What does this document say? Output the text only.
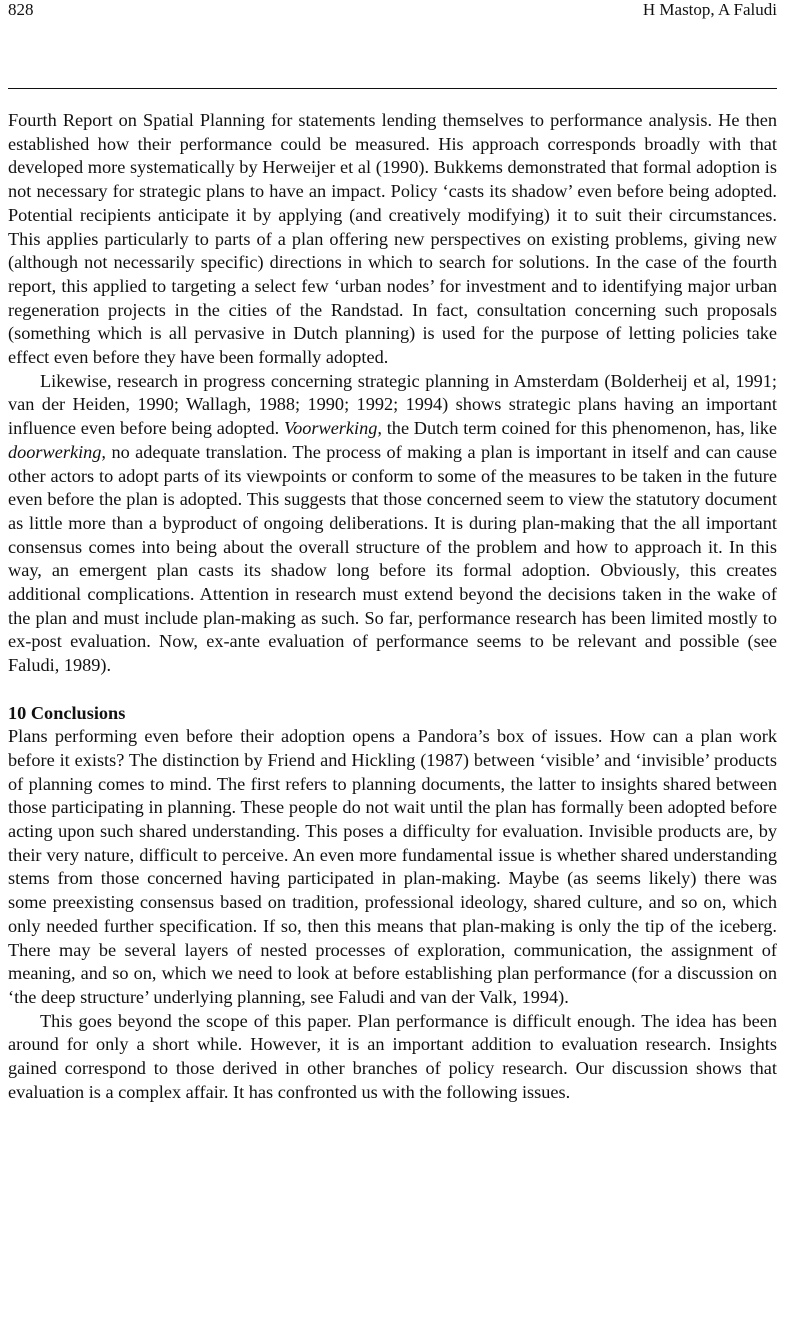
828	H Mastop, A Faludi

Fourth Report on Spatial Planning for statements lending themselves to performance analysis. He then established how their performance could be measured. His approach corresponds broadly with that developed more systematically by Herweijer et al (1990). Bukkems demonstrated that formal adoption is not necessary for strategic plans to have an impact. Policy ‘casts its shadow’ even before being adopted. Potential recipients anticipate it by applying (and creatively modifying) it to suit their circumstances. This applies particularly to parts of a plan offering new perspectives on existing problems, giving new (although not necessarily specific) directions in which to search for solutions. In the case of the fourth report, this applied to targeting a select few ‘urban nodes’ for investment and to identifying major urban regeneration projects in the cities of the Randstad. In fact, consultation concerning such proposals (something which is all pervasive in Dutch planning) is used for the purpose of letting policies take effect even before they have been formally adopted.

Likewise, research in progress concerning strategic planning in Amsterdam (Bolderheij et al, 1991; van der Heiden, 1990; Wallagh, 1988; 1990; 1992; 1994) shows strategic plans having an important influence even before being adopted. Voorwerking, the Dutch term coined for this phenomenon, has, like doorwerking, no adequate translation. The process of making a plan is important in itself and can cause other actors to adopt parts of its viewpoints or conform to some of the measures to be taken in the future even before the plan is adopted. This suggests that those concerned seem to view the statutory document as little more than a byproduct of ongoing deliberations. It is during plan-making that the all important consensus comes into being about the overall structure of the problem and how to approach it. In this way, an emergent plan casts its shadow long before its formal adoption. Obviously, this creates additional complications. Attention in research must extend beyond the decisions taken in the wake of the plan and must include plan-making as such. So far, performance research has been limited mostly to ex-post evaluation. Now, ex-ante evaluation of performance seems to be relevant and possible (see Faludi, 1989).

10 Conclusions

Plans performing even before their adoption opens a Pandora’s box of issues. How can a plan work before it exists? The distinction by Friend and Hickling (1987) between ‘visible’ and ‘invisible’ products of planning comes to mind. The first refers to planning documents, the latter to insights shared between those participating in planning. These people do not wait until the plan has formally been adopted before acting upon such shared understanding. This poses a difficulty for evaluation. Invisible products are, by their very nature, difficult to perceive. An even more fundamental issue is whether shared understanding stems from those concerned having participated in plan-making. Maybe (as seems likely) there was some preexisting consensus based on tradition, professional ideology, shared culture, and so on, which only needed further specification. If so, then this means that plan-making is only the tip of the iceberg. There may be several layers of nested processes of exploration, communication, the assignment of meaning, and so on, which we need to look at before establishing plan performance (for a discussion on ‘the deep structure’ underlying planning, see Faludi and van der Valk, 1994).

This goes beyond the scope of this paper. Plan performance is difficult enough. The idea has been around for only a short while. However, it is an important addition to evaluation research. Insights gained correspond to those derived in other branches of policy research. Our discussion shows that evaluation is a complex affair. It has confronted us with the following issues.
